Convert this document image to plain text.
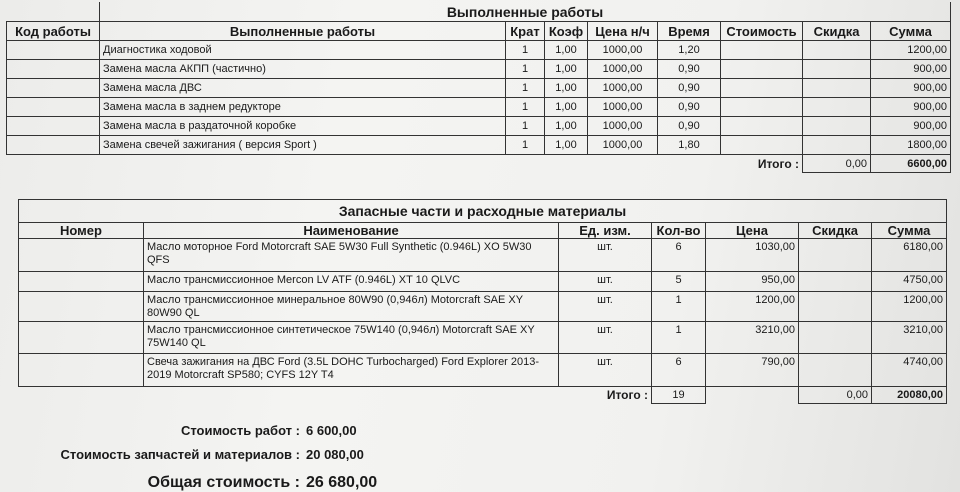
	Выполненные работы							
Код работы	Выполненные работы	Крат	Коэф	Цена н/ч	Время	Стоимость	Скидка	Сумма
	Диагностика ходовой	1	1,00	1000,00	1,20			1200,00
	Замена масла АКПП (частично)	1	1,00	1000,00	0,90			900,00
	Замена масла ДВС	1	1,00	1000,00	0,90			900,00
	Замена масла в заднем редукторе	1	1,00	1000,00	0,90			900,00
	Замена масла в раздаточной коробке	1	1,00	1000,00	0,90			900,00
	Замена свечей зажигания ( версия Sport )	1	1,00	1000,00	1,80			1800,00
						Итого :	0,00	6600,00
Запасные части и расходные материалы						
Номер	Наименование	Ед. изм.	Кол-во	Цена	Скидка	Сумма
	Масло моторное Ford Motorcraft SAE 5W30 Full Synthetic (0.946L) XO 5W30 QFS	шт.	6	1030,00		6180,00
	Масло трансмиссионное Mercon LV ATF (0.946L) XT 10 QLVC	шт.	5	950,00		4750,00
	Масло трансмиссионное минеральное 80W90 (0,946л) Motorcraft SAE XY 80W90 QL	шт.	1	1200,00		1200,00
	Масло трансмиссионное синтетическое 75W140 (0,946л) Motorcraft SAE XY 75W140 QL	шт.	1	3210,00		3210,00
	Свеча зажигания на ДВС Ford (3.5L DOHC Turbocharged) Ford Explorer 2013-2019 Motorcraft SP580; CYFS 12Y T4	шт.	6	790,00		4740,00
		Итого :	19		0,00	20080,00
Стоимость работ : 6 600,00
Стоимость запчастей и материалов : 20 080,00
Общая стоимость : 26 680,00
